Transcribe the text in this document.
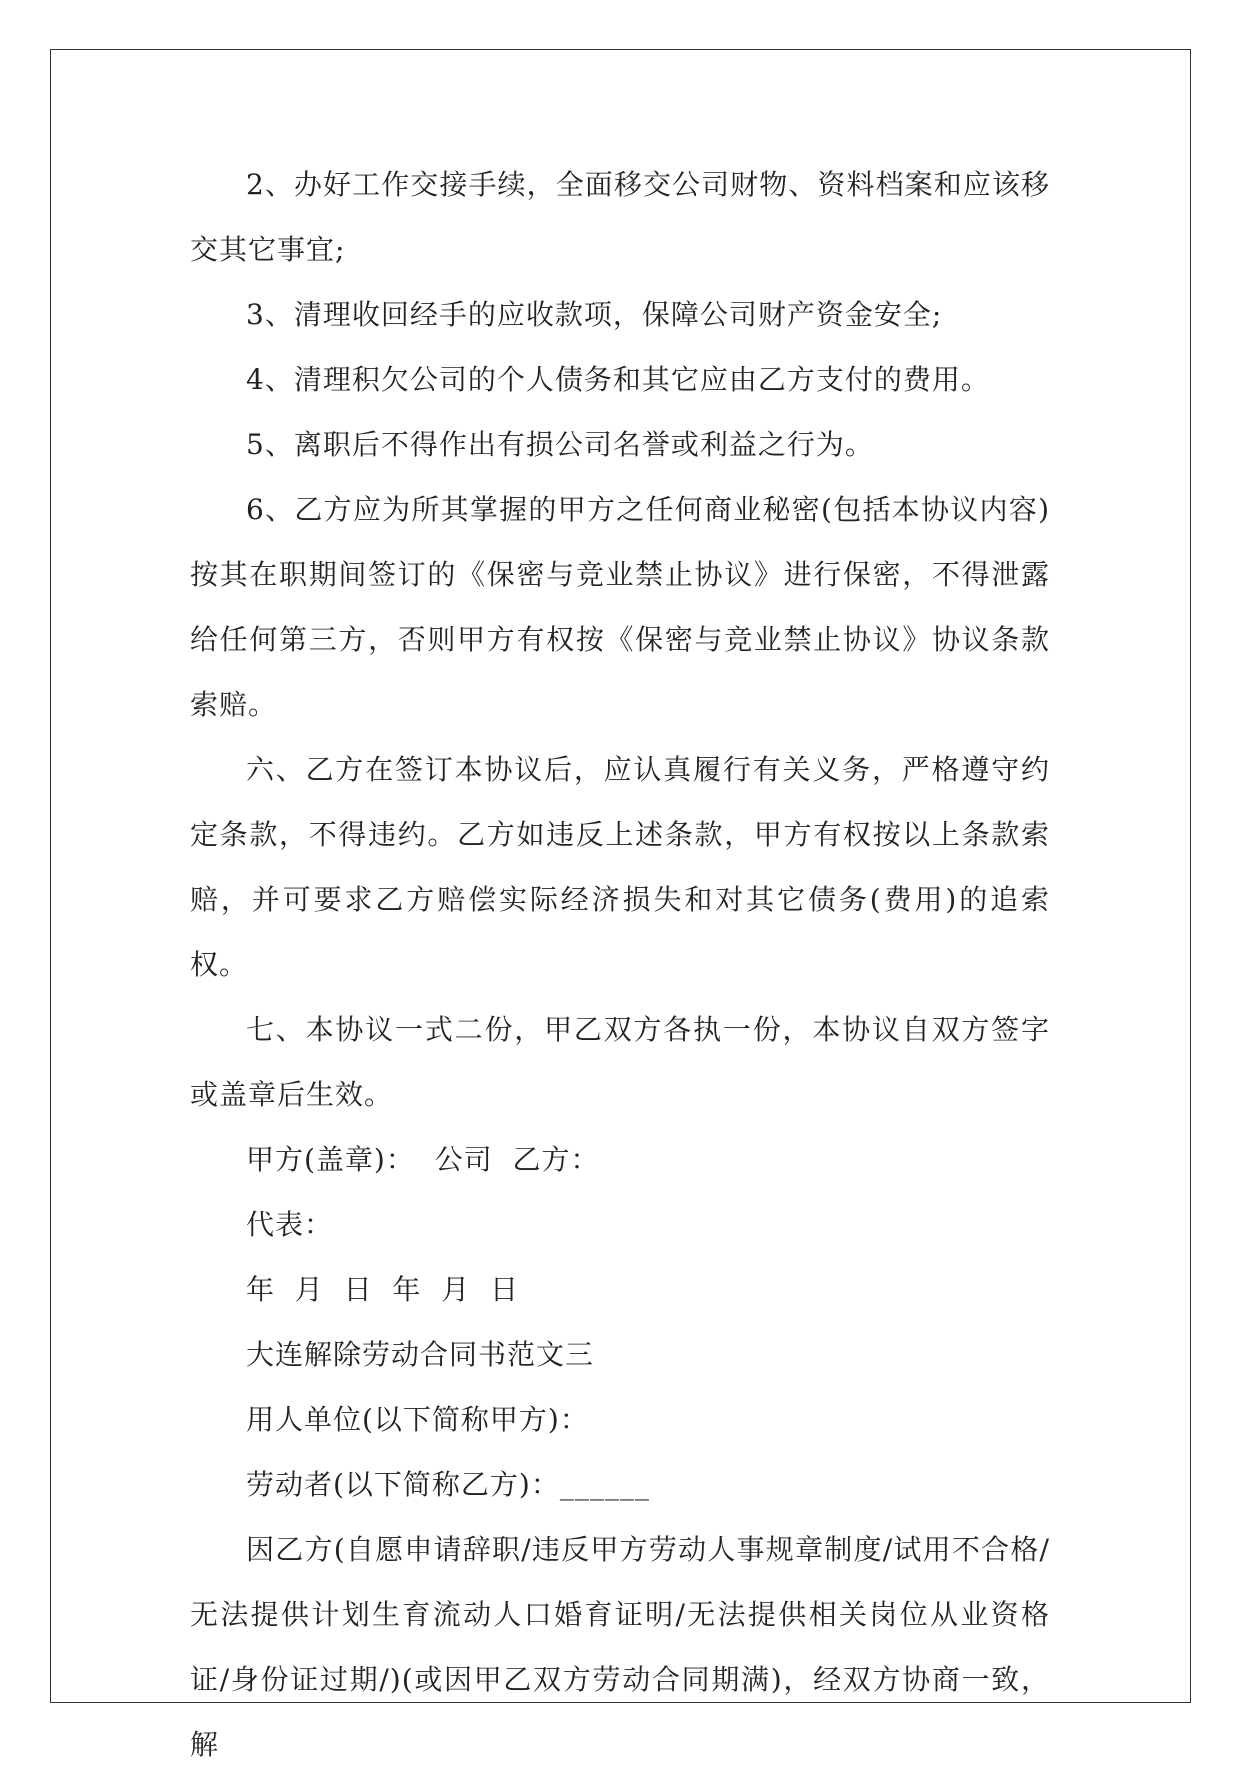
2、办好工作交接手续，全面移交公司财物、资料档案和应该移交其它事宜;

3、清理收回经手的应收款项，保障公司财产资金安全;

4、清理积欠公司的个人债务和其它应由乙方支付的费用。

5、离职后不得作出有损公司名誉或利益之行为。

6、乙方应为所其掌握的甲方之任何商业秘密(包括本协议内容)按其在职期间签订的《保密与竞业禁止协议》进行保密，不得泄露给任何第三方，否则甲方有权按《保密与竞业禁止协议》协议条款索赔。

六、乙方在签订本协议后，应认真履行有关义务，严格遵守约定条款，不得违约。乙方如违反上述条款，甲方有权按以上条款索赔，并可要求乙方赔偿实际经济损失和对其它债务(费用)的追索权。

七、本协议一式二份，甲乙双方各执一份，本协议自双方签字或盖章后生效。

甲方(盖章)：  公司  乙方：

代表：

年  月  日  年  月  日

大连解除劳动合同书范文三

用人单位(以下简称甲方)：

劳动者(以下简称乙方)：______

因乙方(自愿申请辞职/违反甲方劳动人事规章制度/试用不合格/无法提供计划生育流动人口婚育证明/无法提供相关岗位从业资格证/身份证过期/)(或因甲乙双方劳动合同期满)，经双方协商一致，解
